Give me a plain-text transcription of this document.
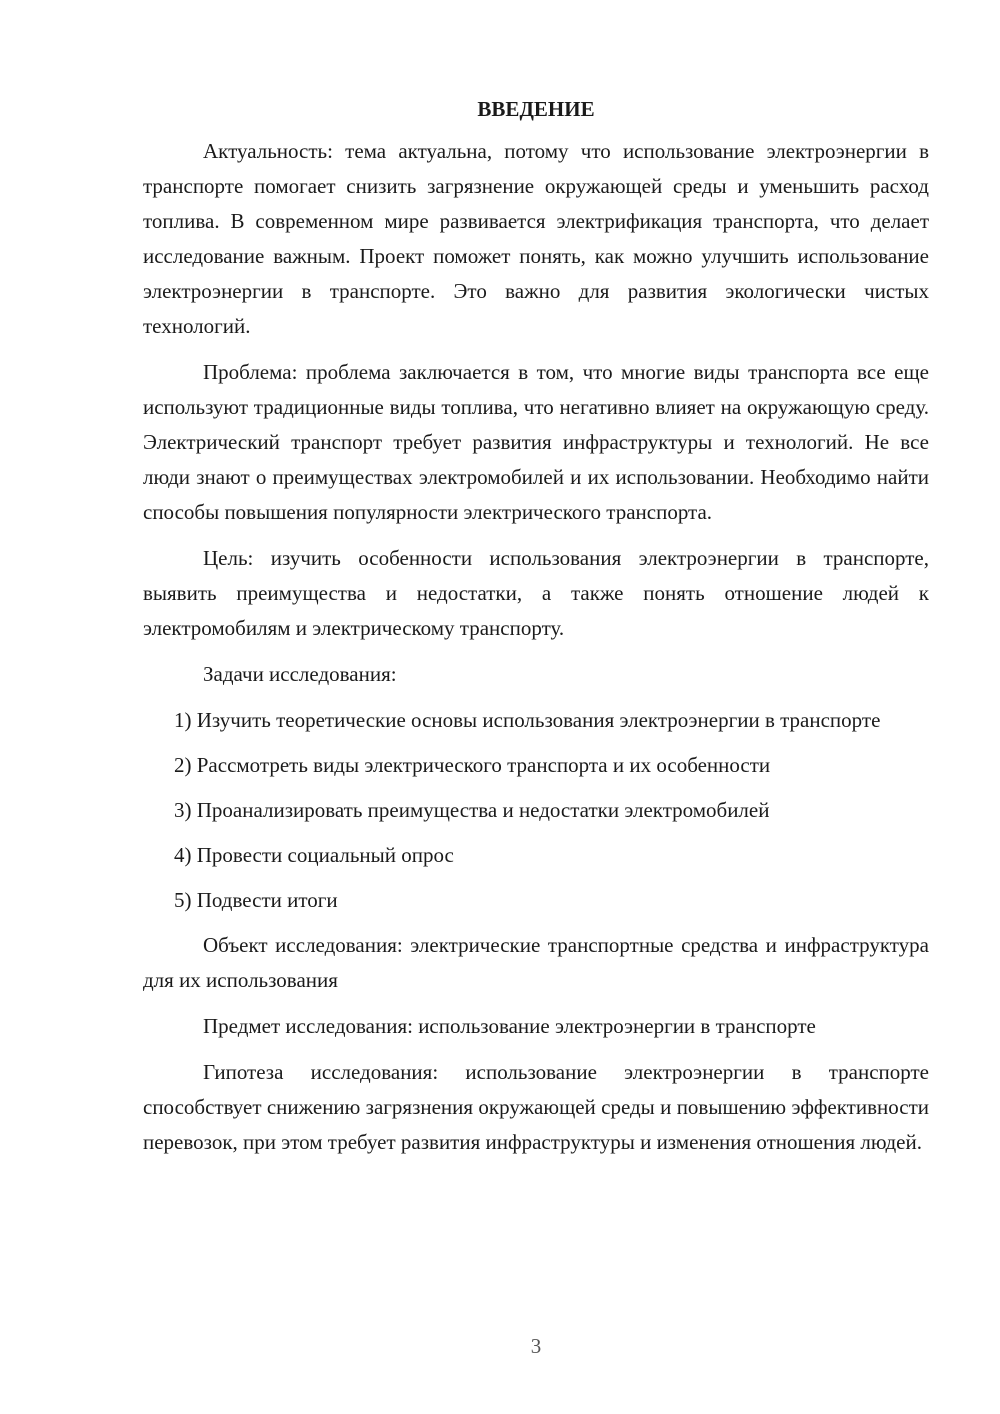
ВВЕДЕНИЕ

Актуальность: тема актуальна, потому что использование электроэнергии в транспорте помогает снизить загрязнение окружающей среды и уменьшить расход топлива. В современном мире развивается электрификация транспорта, что делает исследование важным. Проект поможет понять, как можно улучшить использование электроэнергии в транспорте. Это важно для развития экологически чистых технологий.

Проблема: проблема заключается в том, что многие виды транспорта все еще используют традиционные виды топлива, что негативно влияет на окружающую среду. Электрический транспорт требует развития инфраструктуры и технологий. Не все люди знают о преимуществах электромобилей и их использовании. Необходимо найти способы повышения популярности электрического транспорта.

Цель: изучить особенности использования электроэнергии в транспорте, выявить преимущества и недостатки, а также понять отношение людей к электромобилям и электрическому транспорту.

Задачи исследования:

1) Изучить теоретические основы использования электроэнергии в транспорте

2) Рассмотреть виды электрического транспорта и их особенности

3) Проанализировать преимущества и недостатки электромобилей

4) Провести социальный опрос

5) Подвести итоги

Объект исследования: электрические транспортные средства и инфраструктура для их использования

Предмет исследования: использование электроэнергии в транспорте

Гипотеза исследования: использование электроэнергии в транспорте способствует снижению загрязнения окружающей среды и повышению эффективности перевозок, при этом требует развития инфраструктуры и изменения отношения людей.

3
